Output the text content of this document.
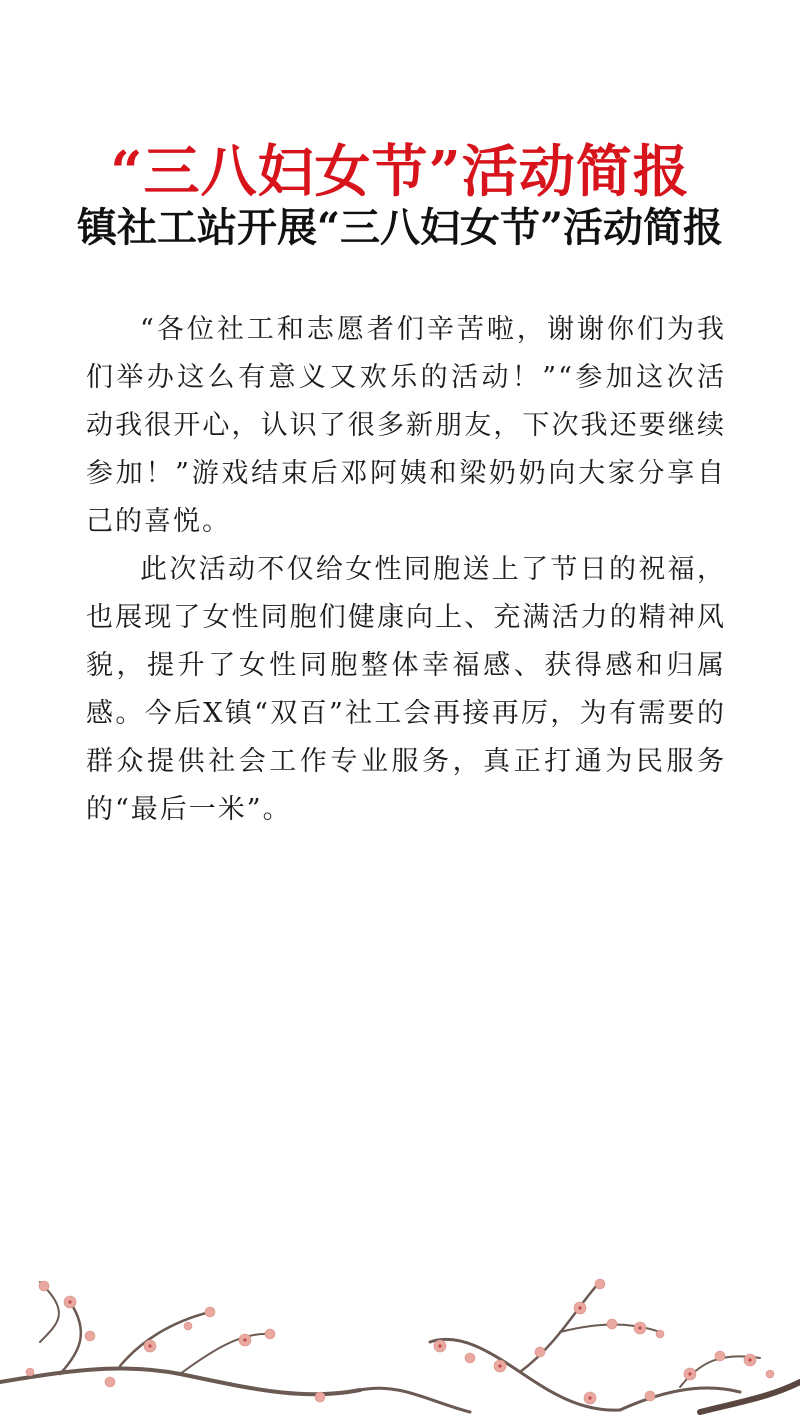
“三八妇女节”活动简报
镇社工站开展“三八妇女节”活动简报

“各位社工和志愿者们辛苦啦，谢谢你们为我们举办这么有意义又欢乐的活动！”“参加这次活动我很开心，认识了很多新朋友，下次我还要继续参加！”游戏结束后邓阿姨和梁奶奶向大家分享自己的喜悦。

此次活动不仅给女性同胞送上了节日的祝福，也展现了女性同胞们健康向上、充满活力的精神风貌，提升了女性同胞整体幸福感、获得感和归属感。今后X镇“双百”社工会再接再厉，为有需要的群众提供社会工作专业服务，真正打通为民服务的“最后一米”。
